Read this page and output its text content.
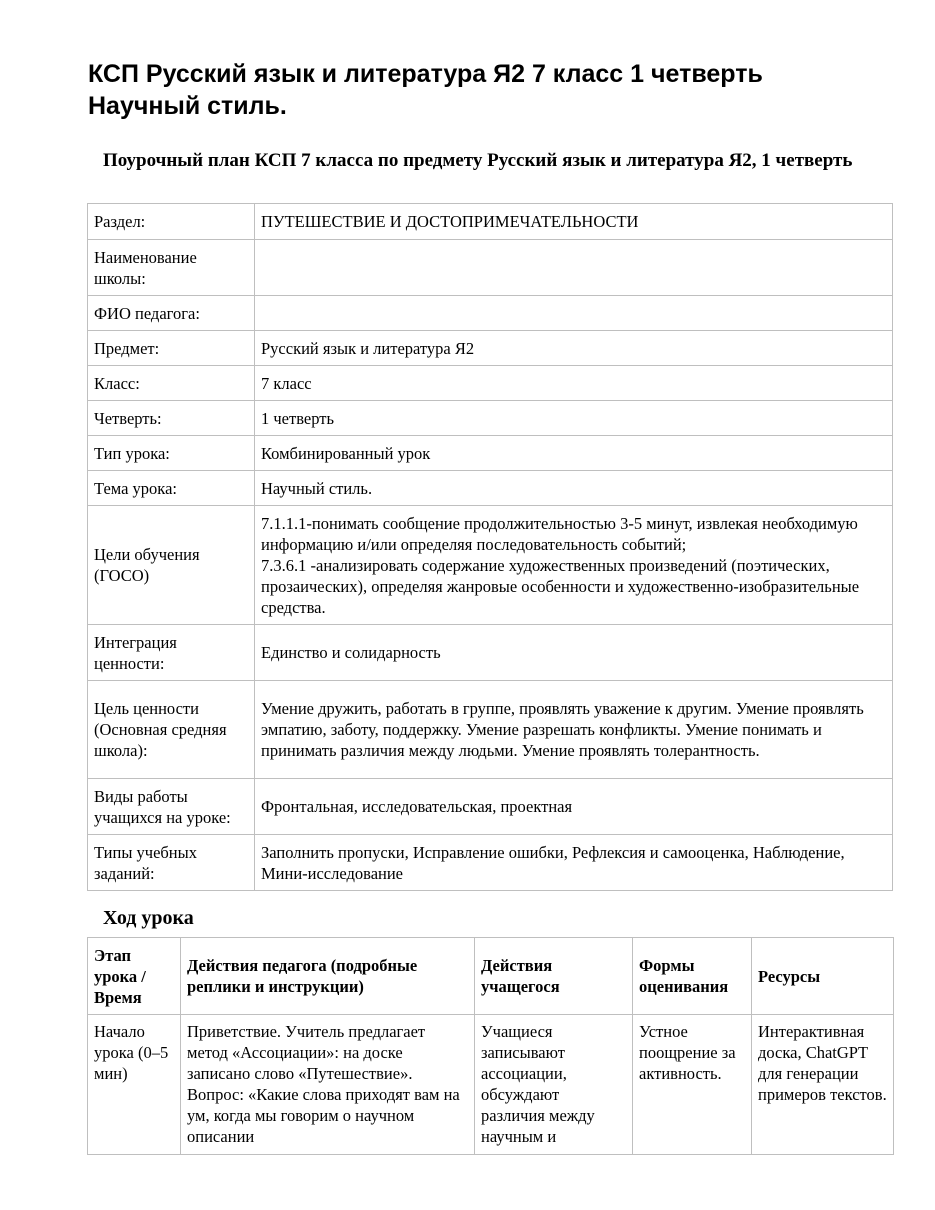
КСП Русский язык и литература Я2 7 класс 1 четверть
Научный стиль.
Поурочный план КСП 7 класса по предмету Русский язык и литература Я2, 1 четверть
Раздел:	ПУТЕШЕСТВИЕ И ДОСТОПРИМЕЧАТЕЛЬНОСТИ
Наименование школы:	
ФИО педагога:	
Предмет:	Русский язык и литература Я2
Класс:	7 класс
Четверть:	1 четверть
Тип урока:	Комбинированный урок
Тема урока:	Научный стиль.
Цели обучения (ГОСО)	7.1.1.1-понимать сообщение продолжительностью 3-5 минут, извлекая необходимую информацию и/или определяя последовательность событий;
7.3.6.1 -анализировать содержание художественных произведений (поэтических, прозаических), определяя жанровые особенности и художественно-изобразительные средства.
Интеграция ценности:	Единство и солидарность
Цель ценности (Основная средняя школа):	Умение дружить, работать в группе, проявлять уважение к другим. Умение проявлять эмпатию, заботу, поддержку. Умение разрешать конфликты. Умение понимать и принимать различия между людьми. Умение проявлять толерантность.
Виды работы учащихся на уроке:	Фронтальная, исследовательская, проектная
Типы учебных заданий:	Заполнить пропуски, Исправление ошибки, Рефлексия и самооценка, Наблюдение, Мини-исследование
Ход урока
Этап урока / Время	Действия педагога (подробные реплики и инструкции)	Действия учащегося	Формы оценивания	Ресурсы
Начало урока (0–5 мин)	Приветствие. Учитель предлагает метод «Ассоциации»: на доске записано слово «Путешествие». Вопрос: «Какие слова приходят вам на ум, когда мы говорим о научном описании	Учащиеся записывают ассоциации, обсуждают различия между научным и	Устное поощрение за активность.	Интерактивная доска, ChatGPT для генерации примеров текстов.
